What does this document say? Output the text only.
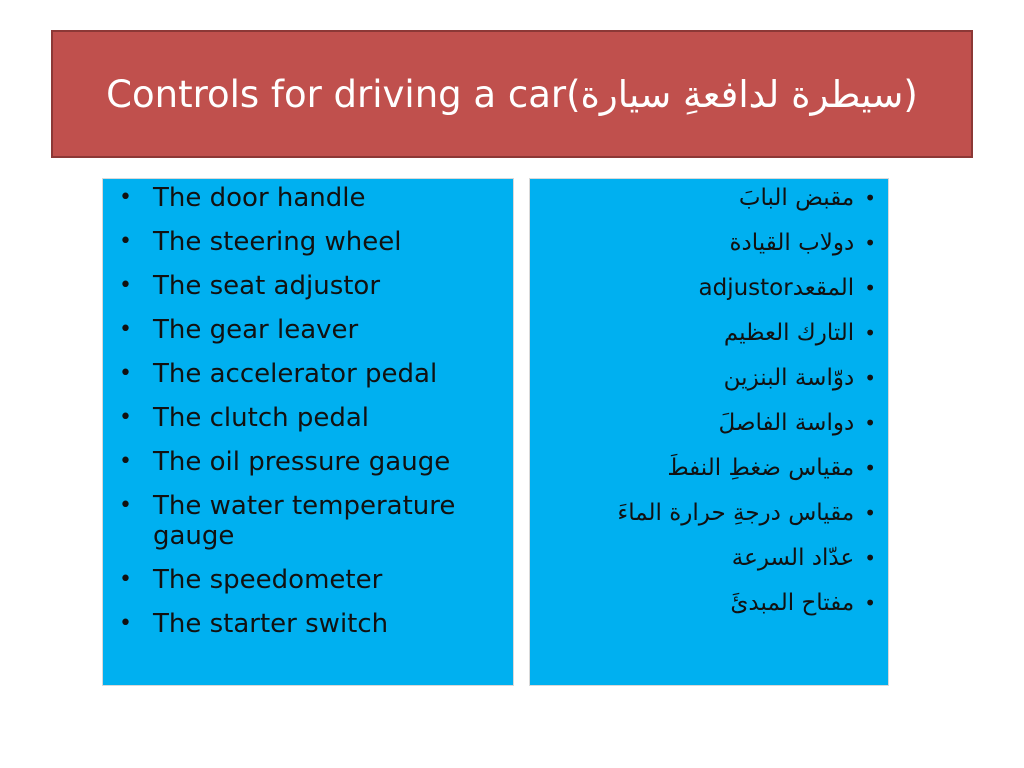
Controls for driving a car(سيطرة لدافعةِ سيارة)
• The door handle
• The steering wheel
• The seat adjustor
• The gear leaver
• The accelerator pedal
• The clutch pedal
• The oil pressure gauge
• The water temperature gauge
• The speedometer
• The starter switch
•مقبض البابَ
•دولاب القيادة
•المقعدadjustor
•التارك العظيم
•دوّاسة البنزين
•دواسة الفاصلَ
•مقياس ضغطِ النفطَ
•مقياس درجةِ حرارة الماءَ
•عدّاد السرعة
•مفتاح المبدئَ
